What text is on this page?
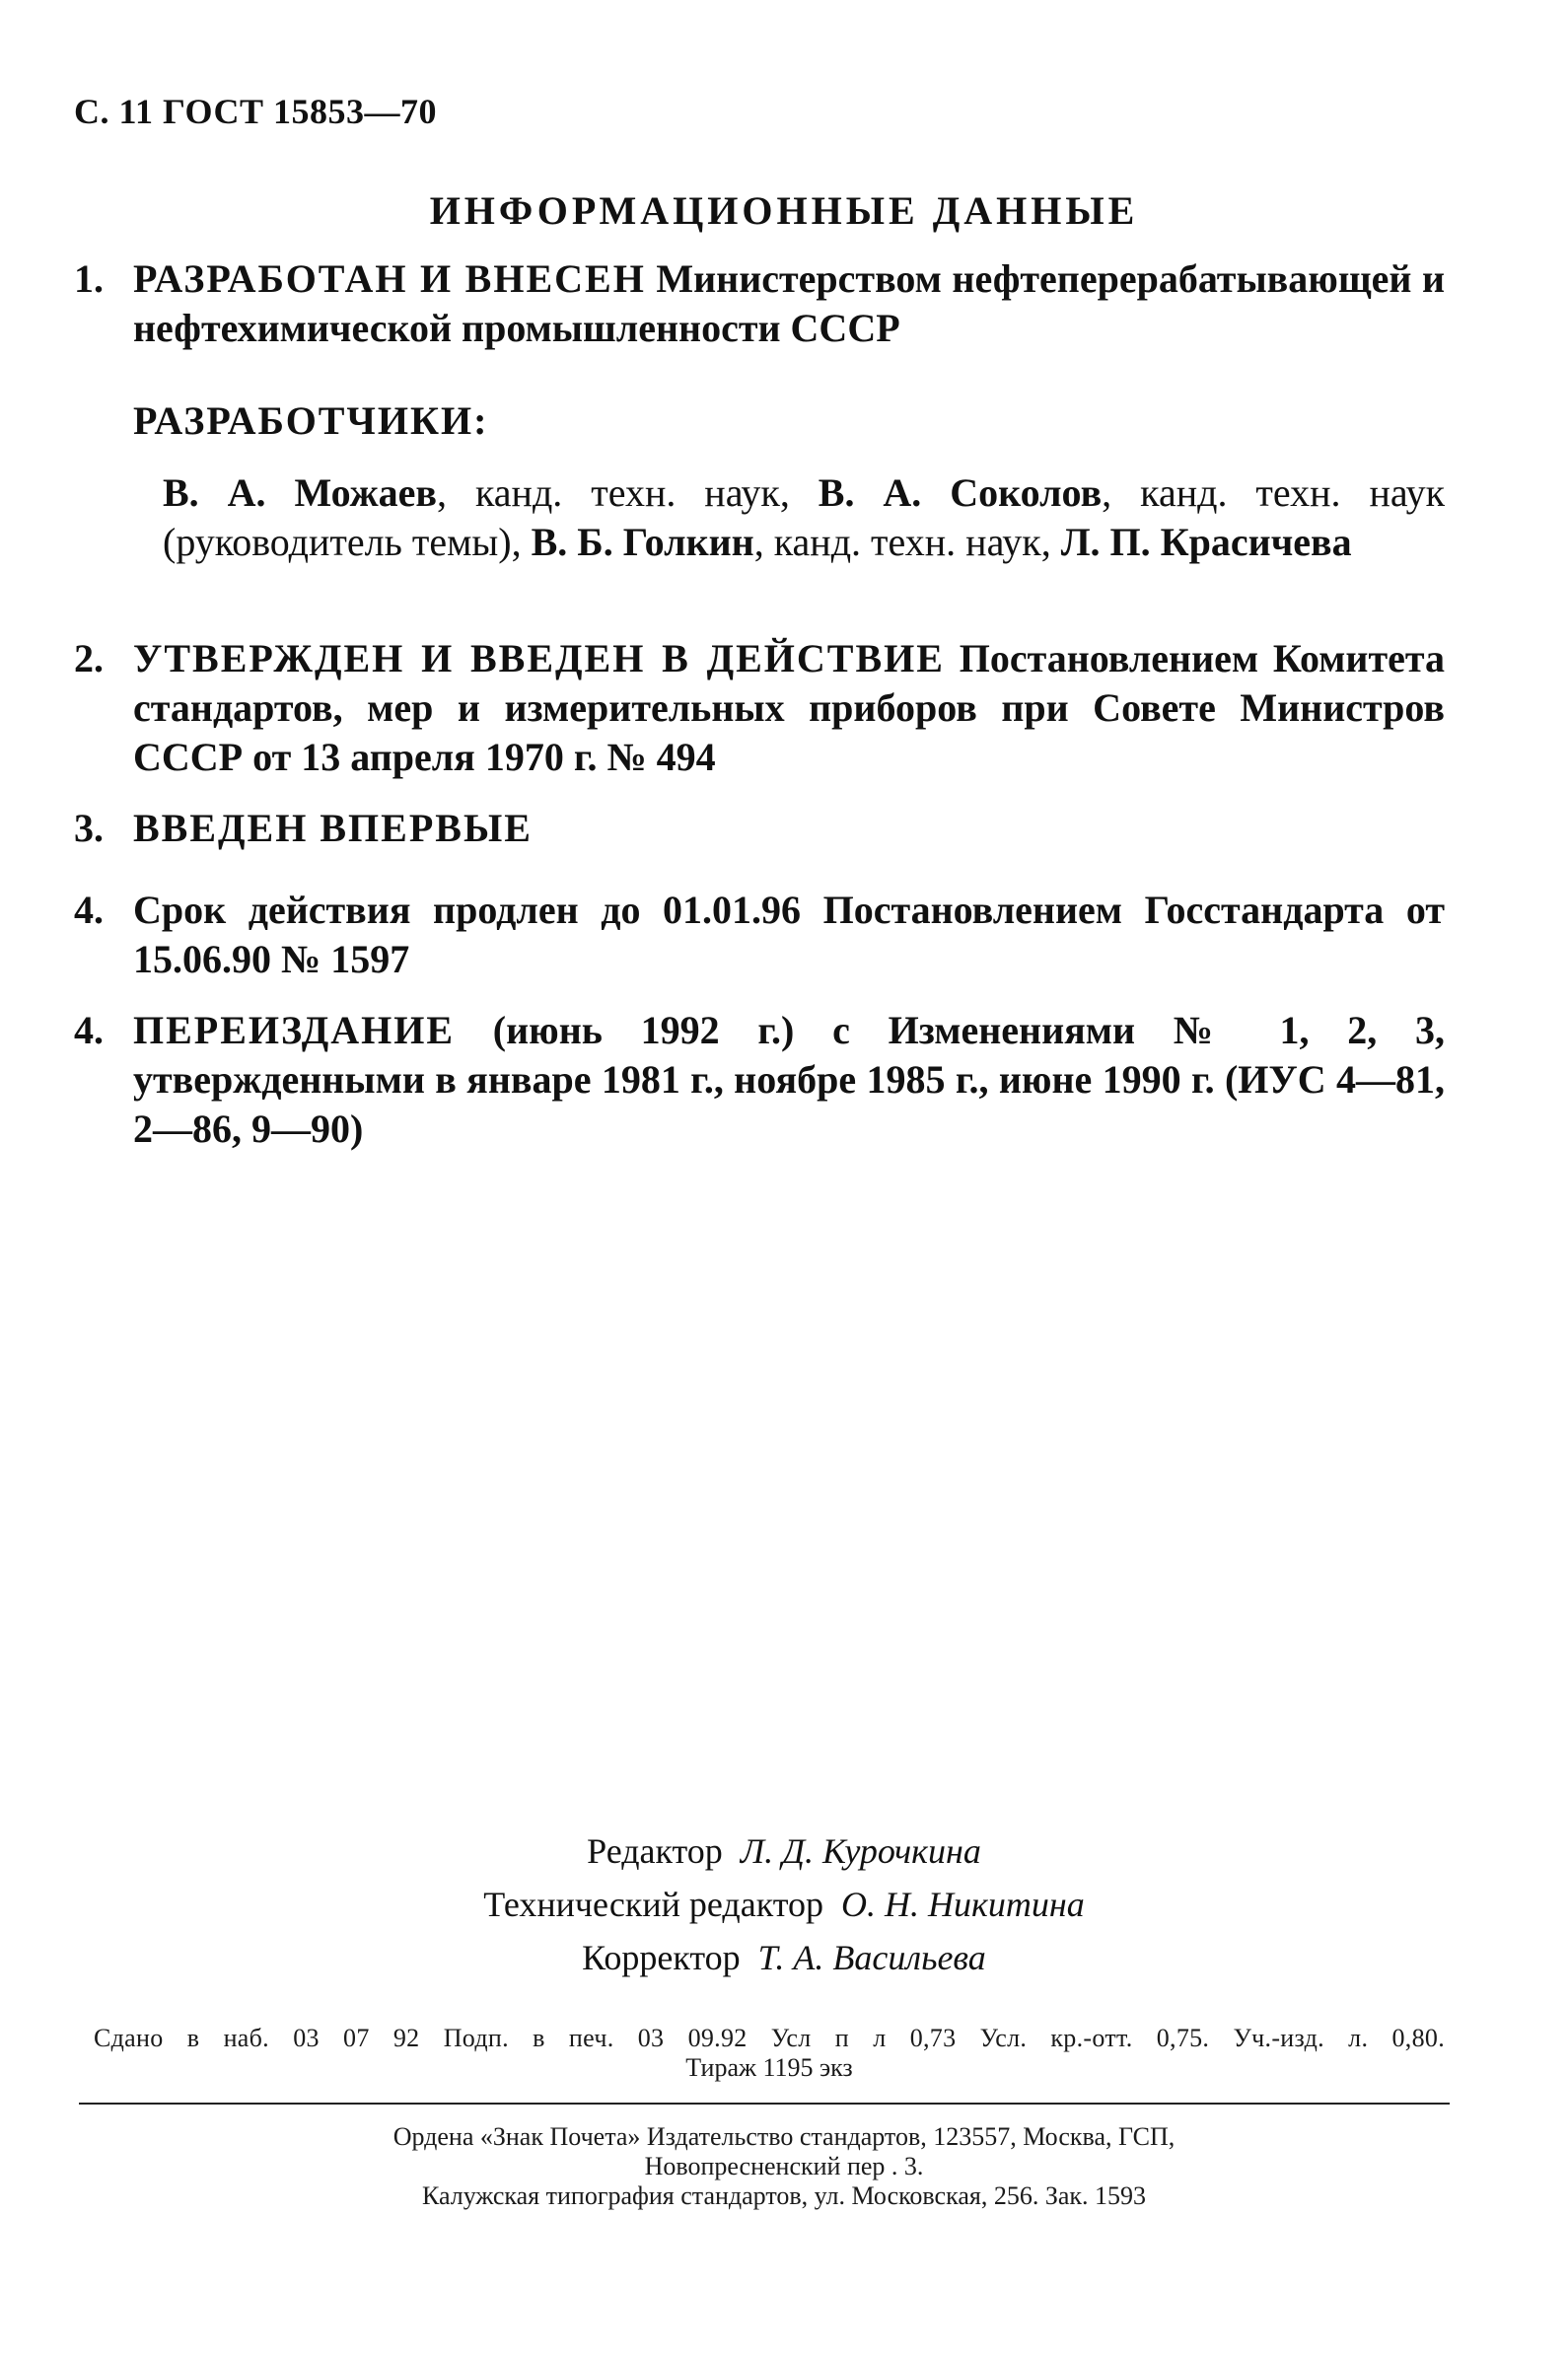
С. 11 ГОСТ 15853—70
ИНФОРМАЦИОННЫЕ ДАННЫЕ
1. РАЗРАБОТАН И ВНЕСЕН Министерством нефтеперерабатывающей и нефтехимической промышленности СССР
РАЗРАБОТЧИКИ:
В. А. Можаев, канд. техн. наук, В. А. Соколов, канд. техн. наук (руководитель темы), В. Б. Голкин, канд. техн. наук, Л. П. Красичева
2. УТВЕРЖДЕН И ВВЕДЕН В ДЕЙСТВИЕ Постановлением Комитета стандартов, мер и измерительных приборов при Совете Министров СССР от 13 апреля 1970 г. № 494
3. ВВЕДЕН ВПЕРВЫЕ
4. Срок действия продлен до 01.01.96 Постановлением Госстандарта от 15.06.90 № 1597
4. ПЕРЕИЗДАНИЕ (июнь 1992 г.) с Изменениями № 1, 2, 3, утвержденными в январе 1981 г., ноябре 1985 г., июне 1990 г. (ИУС 4—81, 2—86, 9—90)
Редактор Л. Д. Курочкина
Технический редактор О. Н. Никитина
Корректор Т. А. Васильева
Сдано в наб. 03 07 92 Подп. в печ. 03 09.92 Усл п л 0,73 Усл. кр.-отт. 0,75. Уч.-изд. л. 0,80.
Тираж 1195 экз
Ордена «Знак Почета» Издательство стандартов, 123557, Москва, ГСП,
Новопресненский пер . 3.
Калужская типография стандартов, ул. Московская, 256. Зак. 1593
